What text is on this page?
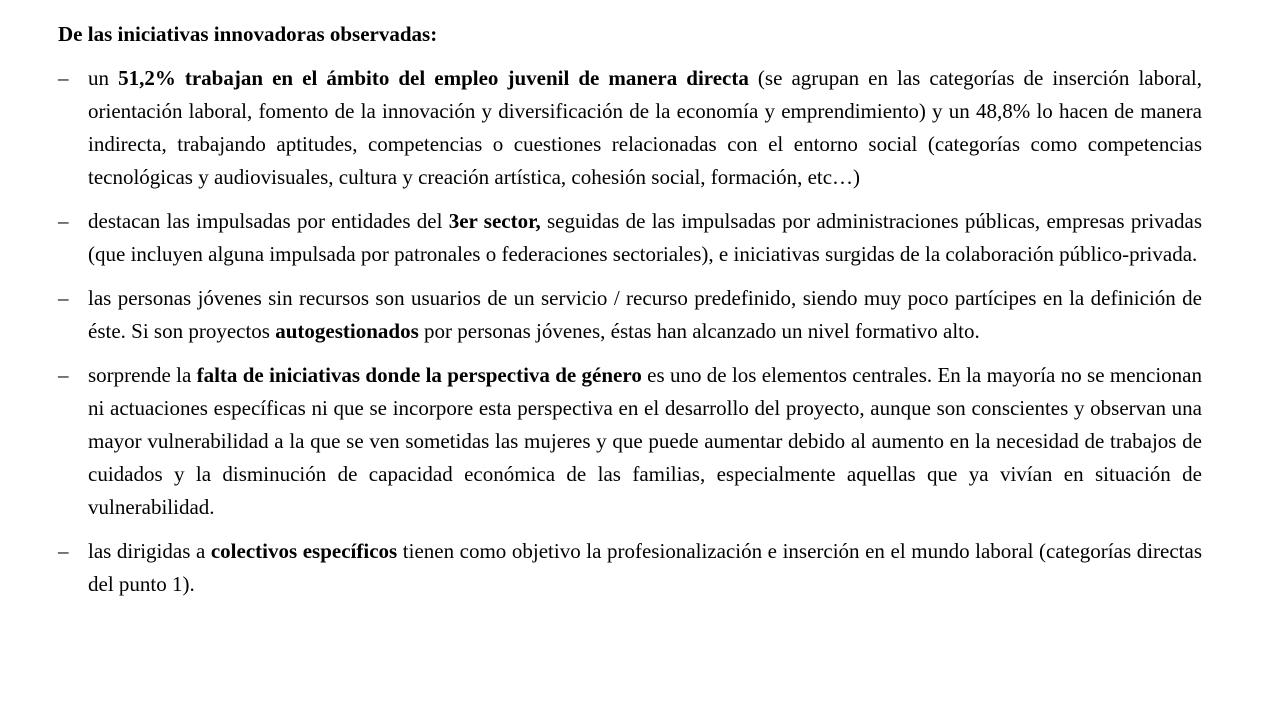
De las iniciativas innovadoras observadas:
– un 51,2% trabajan en el ámbito del empleo juvenil de manera directa (se agrupan en las categorías de inserción laboral, orientación laboral, fomento de la innovación y diversificación de la economía y emprendimiento) y un 48,8% lo hacen de manera indirecta, trabajando aptitudes, competencias o cuestiones relacionadas con el entorno social (categorías como competencias tecnológicas y audiovisuales, cultura y creación artística, cohesión social, formación, etc…)
– destacan las impulsadas por entidades del 3er sector, seguidas de las impulsadas por administraciones públicas, empresas privadas (que incluyen alguna impulsada por patronales o federaciones sectoriales), e iniciativas surgidas de la colaboración público-privada.
– las personas jóvenes sin recursos son usuarios de un servicio / recurso predefinido, siendo muy poco partícipes en la definición de éste. Si son proyectos autogestionados por personas jóvenes, éstas han alcanzado un nivel formativo alto.
– sorprende la falta de iniciativas donde la perspectiva de género es uno de los elementos centrales. En la mayoría no se mencionan ni actuaciones específicas ni que se incorpore esta perspectiva en el desarrollo del proyecto, aunque son conscientes y observan una mayor vulnerabilidad a la que se ven sometidas las mujeres y que puede aumentar debido al aumento en la necesidad de trabajos de cuidados y la disminución de capacidad económica de las familias, especialmente aquellas que ya vivían en situación de vulnerabilidad.
– las dirigidas a colectivos específicos tienen como objetivo la profesionalización e inserción en el mundo laboral (categorías directas del punto 1).
